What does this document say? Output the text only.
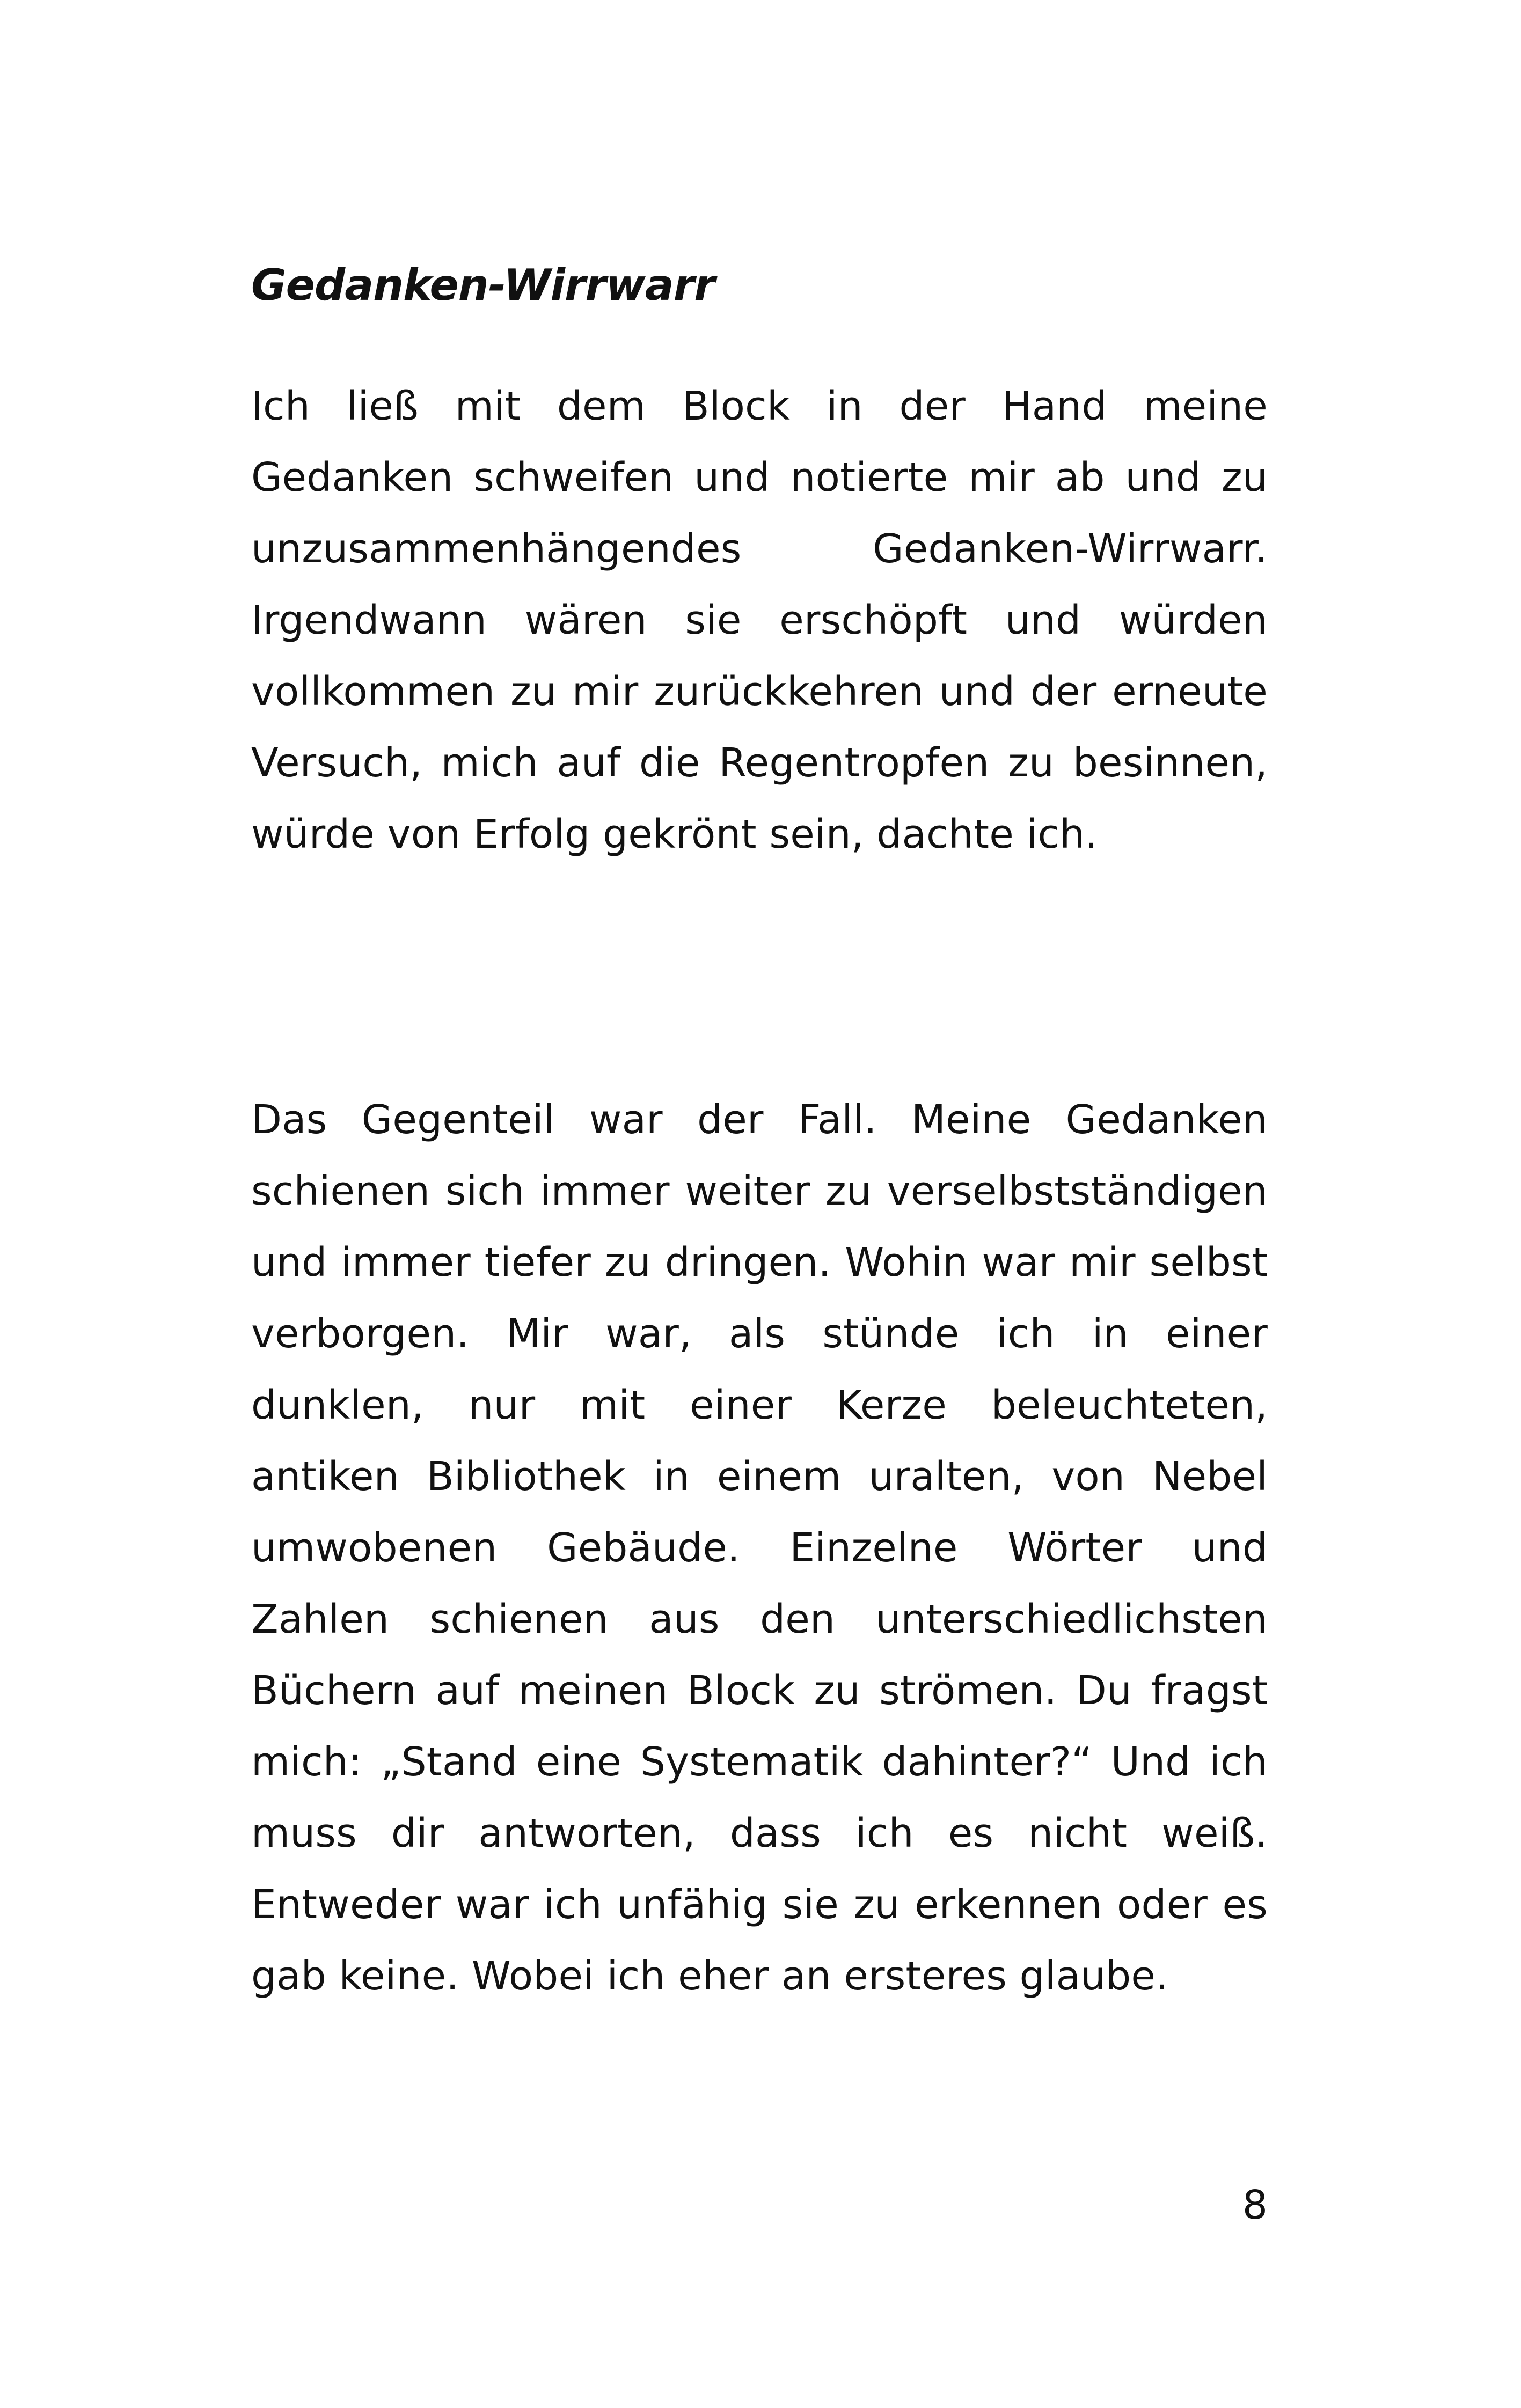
Gedanken-Wirrwarr

Ich ließ mit dem Block in der Hand meine Gedanken schweifen und notierte mir ab und zu unzusammenhängendes Gedanken-Wirrwarr. Irgendwann wären sie erschöpft und würden vollkommen zu mir zurückkehren und der erneute Versuch, mich auf die Regentropfen zu besinnen, würde von Erfolg gekrönt sein, dachte ich.

Das Gegenteil war der Fall. Meine Gedanken schienen sich immer weiter zu verselbstständigen und immer tiefer zu dringen. Wohin war mir selbst verborgen. Mir war, als stünde ich in einer dunklen, nur mit einer Kerze beleuchteten, antiken Bibliothek in einem uralten, von Nebel umwobenen Gebäude. Einzelne Wörter und Zahlen schienen aus den unterschiedlichsten Büchern auf meinen Block zu strömen. Du fragst mich: „Stand eine Systematik dahinter?“ Und ich muss dir antworten, dass ich es nicht weiß. Entweder war ich unfähig sie zu erkennen oder es gab keine. Wobei ich eher an ersteres glaube.

8
